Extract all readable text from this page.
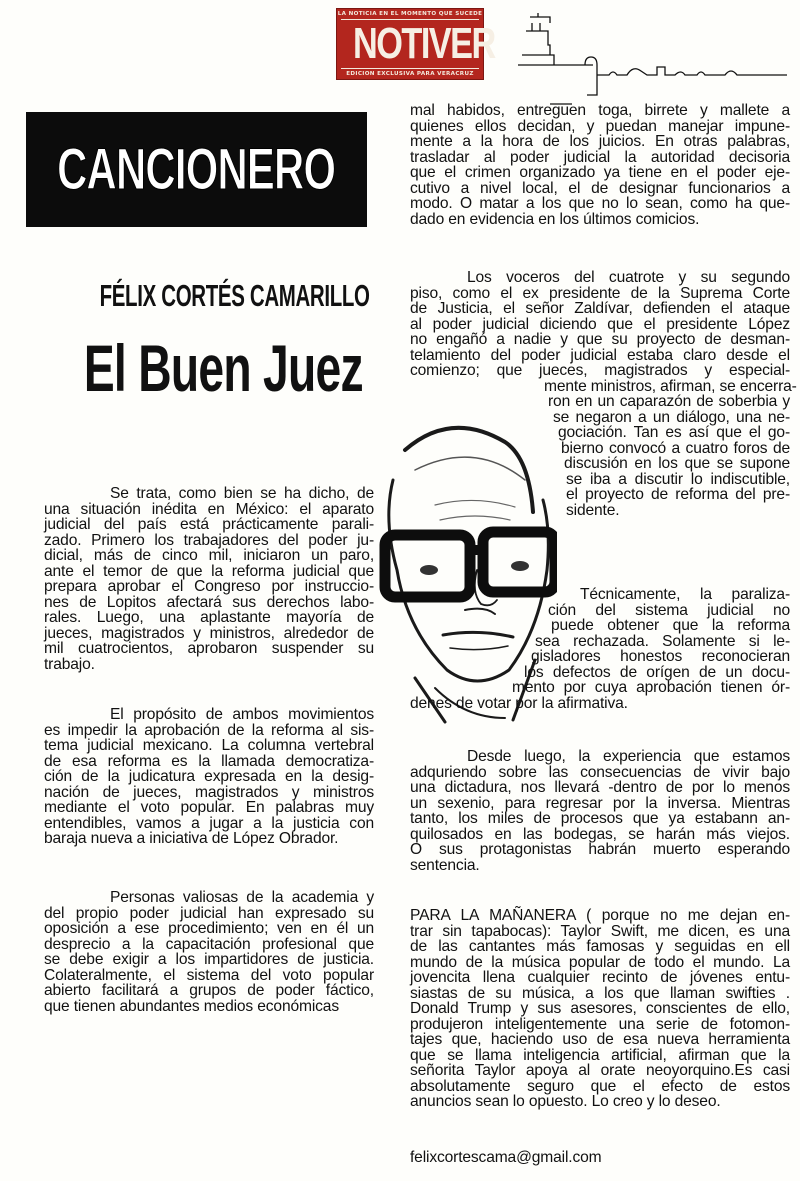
LA NOTICIA EN EL MOMENTO QUE SUCEDE
NOTIVER
EDICION EXCLUSIVA PARA VERACRUZ
CANCIONERO
FÉLIX CORTÉS CAMARILLO
El Buen Juez
Se trata, como bien se ha dicho, de
una situación inédita en México: el aparato
judicial del país está prácticamente parali-
zado. Primero los trabajadores del poder ju-
dicial, más de cinco mil, iniciaron un paro,
ante el temor de que la reforma judicial que
prepara aprobar el Congreso por instruccio-
nes de Lopitos afectará sus derechos labo-
rales. Luego, una aplastante mayoría de
jueces, magistrados y ministros, alrededor de
mil cuatrocientos, aprobaron suspender su
trabajo.
El propósito de ambos movimientos
es impedir la aprobación de la reforma al sis-
tema judicial mexicano. La columna vertebral
de esa reforma es la llamada democratiza-
ción de la judicatura expresada en la desig-
nación de jueces, magistrados y ministros
mediante el voto popular. En palabras muy
entendibles, vamos a jugar a la justicia con
baraja nueva a iniciativa de López Obrador.
Personas valiosas de la academia y
del propio poder judicial han expresado su
oposición a ese procedimiento; ven en él un
desprecio a la capacitación profesional que
se debe exigir a los impartidores de justicia.
Colateralmente, el sistema del voto popular
abierto facilitará a grupos de poder fáctico,
que tienen abundantes medios económicas
mal habidos, entreguen toga, birrete y mallete a
quienes ellos decidan, y puedan manejar impune-
mente a la hora de los juicios. En otras palabras,
trasladar al poder judicial la autoridad decisoria
que el crimen organizado ya tiene en el poder eje-
cutivo a nivel local, el de designar funcionarios a
modo. O matar a los que no lo sean, como ha que-
dado en evidencia en los últimos comicios.
Los voceros del cuatrote y su segundo
piso, como el ex presidente de la Suprema Corte
de Justicia, el señor Zaldívar, defienden el ataque
al poder judicial diciendo que el presidente López
no engañó a nadie y que su proyecto de desman-
telamiento del poder judicial estaba claro desde el
comienzo; que jueces, magistrados y especial-
mente ministros, afirman, se encerra-
ron en un caparazón de soberbia y
se negaron a un diálogo, una ne-
gociación. Tan es así que el go-
bierno convocó a cuatro foros de
discusión en los que se supone
se iba a discutir lo indiscutible,
el proyecto de reforma del pre-
sidente.
Técnicamente, la paraliza-
ción del sistema judicial no
puede obtener que la reforma
sea rechazada. Solamente si le-
gisladores honestos reconocieran
los defectos de orígen de un docu-
mento por cuya aprobación tienen ór-
denes de votar por la afirmativa.
Desde luego, la experiencia que estamos
adquriendo sobre las consecuencias de vivir bajo
una dictadura, nos llevará -dentro de por lo menos
un sexenio, para regresar por la inversa. Mientras
tanto, los miles de procesos que ya estabann an-
quilosados en las bodegas, se harán más viejos.
O sus protagonistas habrán muerto esperando
sentencia.
PARA LA MAÑANERA ( porque no me dejan en-
trar sin tapabocas): Taylor Swift, me dicen, es una
de las cantantes más famosas y seguidas en ell
mundo de la música popular de todo el mundo. La
jovencita llena cualquier recinto de jóvenes entu-
siastas de su música, a los que llaman swifties .
Donald Trump y sus asesores, conscientes de ello,
produjeron inteligentemente una serie de fotomon-
tajes que, haciendo uso de esa nueva herramienta
que se llama inteligencia artificial, afirman que la
señorita Taylor apoya al orate neoyorquino.Es casi
absolutamente seguro que el efecto de estos
anuncios sean lo opuesto. Lo creo y lo deseo.
felixcortescama@gmail.com
